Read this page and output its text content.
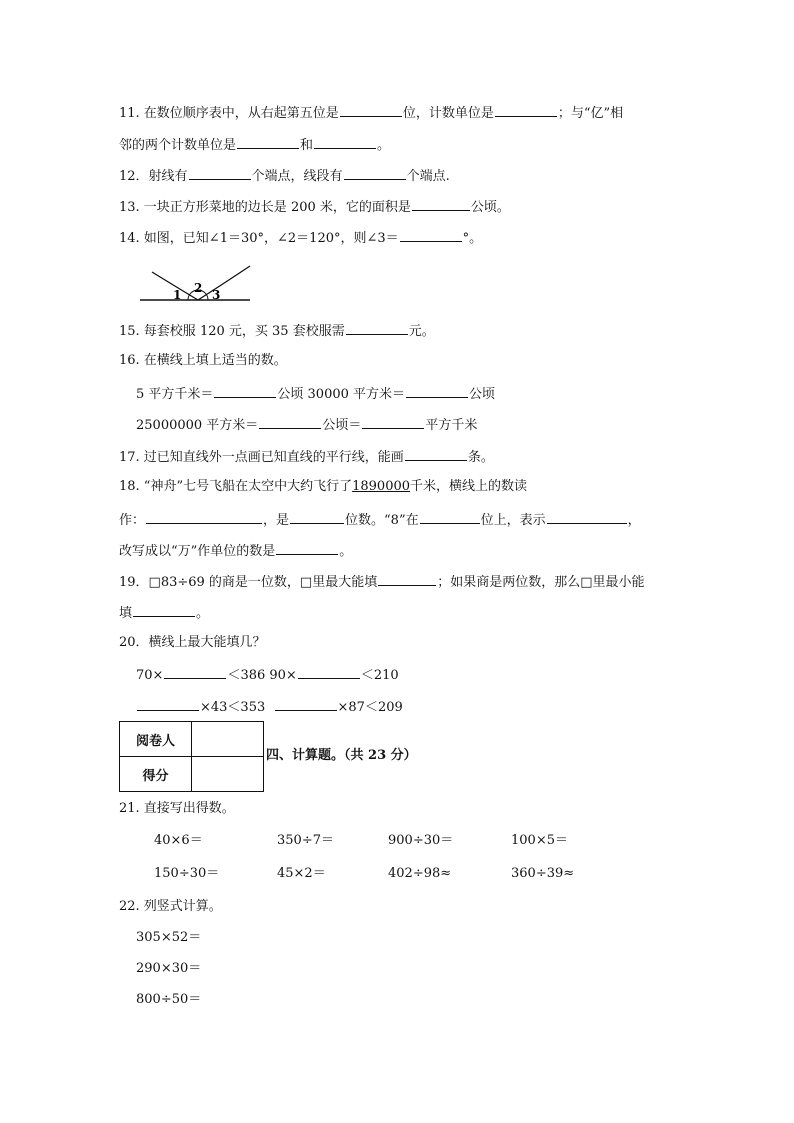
11. 在数位顺序表中，从右起第五位是	位，计数单位是	；与“亿”相
邻的两个计数单位是	和	。
12．射线有	个端点，线段有	个端点.
13. 一块正方形菜地的边长是 200 米，它的面积是	公顷。
14. 如图，已知∠1＝30°，∠2＝120°，则∠3＝	°。
1 2 3
15. 每套校服 120 元，买 35 套校服需	元。
16. 在横线上填上适当的数。
5 平方千米＝	公顷 30000 平方米＝	公顷
25000000 平方米＝	公顷＝	平方千米
17. 过已知直线外一点画已知直线的平行线，能画	条。
18. “神舟”七号飞船在太空中大约飞行了1890000千米，横线上的数读
作：	，是	位数。“8”在	位上，表示	，
改写成以“万”作单位的数是	。
19．□83÷69 的商是一位数，□里最大能填	；如果商是两位数，那么□里最小能
填	。
20．横线上最大能填几？
70×	＜386 90×	＜210
×43＜353	×87＜209
阅卷人	
得分	
四、计算题。（共 23 分）
21. 直接写出得数。
40×6＝	350÷7＝	900÷30＝	100×5＝
150÷30＝	45×2＝	402÷98≈	360÷39≈
22. 列竖式计算。
305×52＝
290×30＝
800÷50＝
